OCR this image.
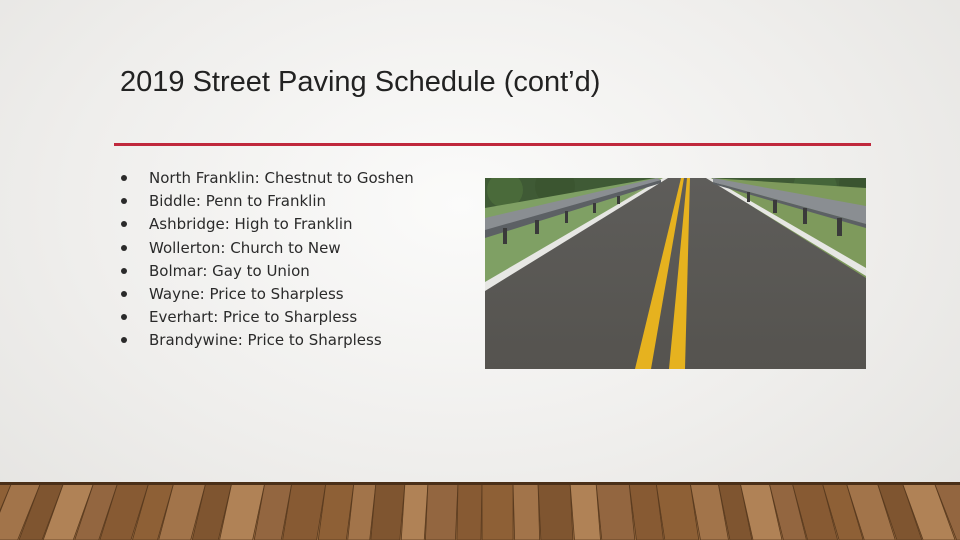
2019 Street Paving Schedule (cont’d)
North Franklin: Chestnut to Goshen
Biddle: Penn to Franklin
Ashbridge: High to Franklin
Wollerton: Church to New
Bolmar: Gay to Union
Wayne: Price to Sharpless
Everhart: Price to Sharpless
Brandywine: Price to Sharpless
